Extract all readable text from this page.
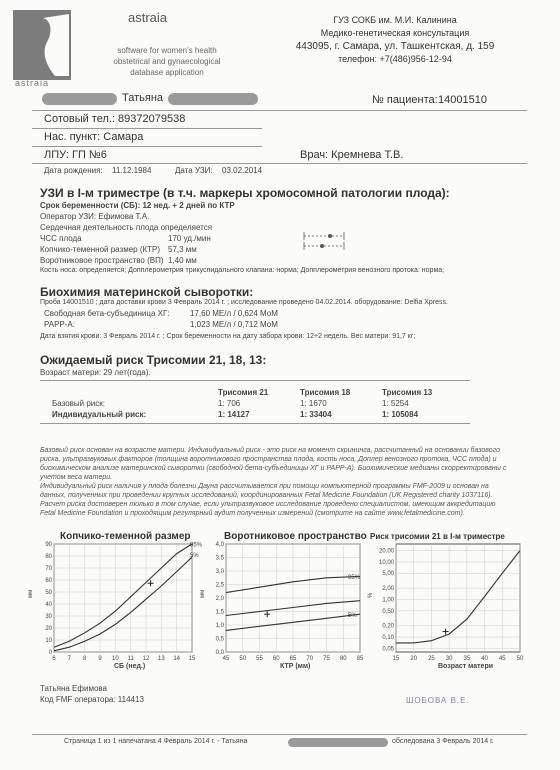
astraia
astraia
software for women's health
obstetrical and gynaecological
database application
ГУЗ СОКБ им. М.И. Калинина
Медико-генетическая консультация
443095, г. Самара, ул. Ташкентская, д. 159
телефон: +7(486)956-12-94
Татьяна	№ пациента: 14001510
Сотовый тел.: 89372079538
Нас. пункт: Самара
ЛПУ: ГП №6	Врач: Кремнева Т.В.
Дата рождения: 11.12.1984	Дата УЗИ: 03.02.2014
УЗИ в I-м триместре (в т.ч. маркеры хромосомной патологии плода):
Срок беременности (СБ): 12 нед. + 2 дней по КТР
Оператор УЗИ: Ефимова Т.А.
Сердечная деятельность плода определяется
ЧСС плода	170 уд./мин
Копчико-теменной размер (КТР) 57,3 мм
Воротниковое пространство (ВП) 1,40 мм
Кость носа: определяется; Допплерометрия трикуспидального клапана: норма; Допплерометрия венозного протока: норма;
Биохимия материнской сыворотки:
Проба 14001510 ; дата доставки крови 3 Февраль 2014 г. ; исследование проведено 04.02.2014. оборудование: Delfia Xpress.
Свободная бета-субъединица ХГ:	17,60 МЕ/л / 0,624 МоМ
PAPP-A:	1,023 МЕ/л / 0,712 МоМ
Дата взятия крови: 3 Февраль 2014 г. ; Срок беременности на дату забора крови: 12+2 недель. Вес матери: 91,7 кг;
Ожидаемый риск Трисомии 21, 18, 13:
Возраст матери: 29 лет(года).
Трисомия 21	Трисомия 18	Трисомия 13
Базовый риск:	1: 706	1: 1670	1: 5254
Индивидуальный риск:	1: 14127	1: 33404	1: 105084
Базовый риск основан на возрасте матери. Индивидуальный риск - это риск на момент скрининга, рассчитанный на основании базового
риска, ультразвуковых факторов (толщина воротникового пространства плода, кость носа, Доплер венозного протока, ЧСС плода) и
биохимическом анализе материнской сыворотки (свободной бета-субъединицы ХГ и PAPP-A). Биохимические медианы скорректированы с
учетом веса матери.
Индивидуальный риск наличия у плода болезни Дауна рассчитывается при помощи компьютерной программы FMF-2009 и основан на
данных, полученных при проведении крупных исследований, координированных Fetal Medicine Foundation (UK Registered charity 1037116).
Расчет риска достоверен только в том случае, если ультразвуковое исследование проведено специалистом, имеющим аккредитацию
Fetal Medicine Foundation и проходящим регулярный аудит полученных измерений (смотрите на сайте www.fetalmedicine.com).
Копчико-теменной размер
6 7 8 9 10 11 12 13 14 15
0
10
20
30
40
50
60
70
80
90	95%
5%
мм
СБ (нед.)
Воротниковое пространство
45 50 55 60 65 70 75 80 85
0,0
0,5
1,0
1,5
2,0
2,5
3,0
3,5
4,0
95%
5%
мм
КТР (мм)
Риск трисомии 21 в I-м триместре
15 20 25 30 35 40 45 50
0,05
0,10
0,20
0,50
1,00
2,00
5,00
10,00
20,00
%
Возраст матери
Татьяна Ефимова
Код FMF оператора: 114413	ШОБОВА В.Е.
Страница 1 из 1 напечатана 4 Февраль 2014 г. - Татьяна	обследована 3 Февраль 2014 г.
